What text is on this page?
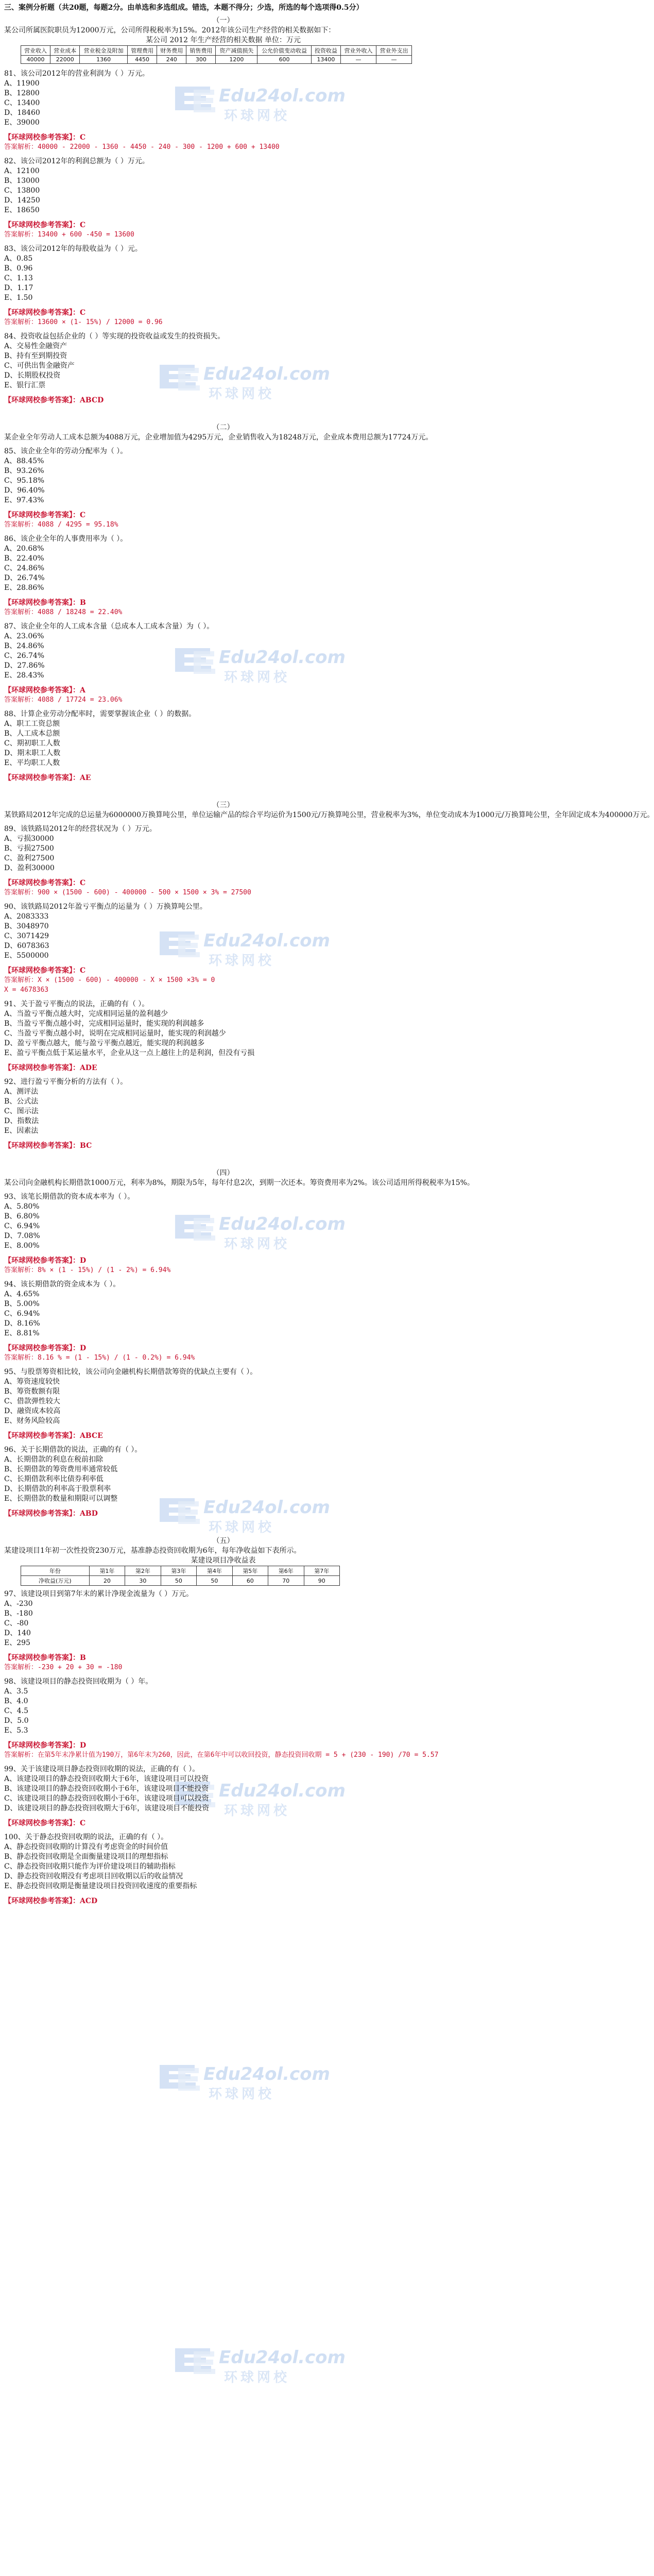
Edu24ol.com
环球网校
Edu24ol.com
环球网校
Edu24ol.com
环球网校
Edu24ol.com
环球网校
Edu24ol.com
环球网校
Edu24ol.com
环球网校
Edu24ol.com
环球网校
Edu24ol.com
环球网校
Edu24ol.com
环球网校
三、案例分析题（共20题，每题2分。由单选和多选组成。错选，本题不得分；少选，所选的每个选项得0.5分）
（一）
某公司所属医院职员为12000万元，公司所得税税率为15%。2012年该公司生产经营的相关数据如下：
某公司 2012 年生产经营的相关数据 单位：万元
营业收入	营业成本	营业税金及附加	管理费用	财务费用	销售费用	资产减值损失	公允价值变动收益	投资收益	营业外收入	营业外支出
40000	22000	1360	4450	240	300	1200	600	13400	—	—
81、该公司2012年的营业利润为（ ）万元。
A、11900
B、12800
C、13400
D、18460
E、39000
【环球网校参考答案】：C
答案解析：40000 - 22000 - 1360 - 4450 - 240 - 300 - 1200 + 600 + 13400
82、该公司2012年的利润总额为（ ）万元。
A、12100
B、13000
C、13800
D、14250
E、18650
【环球网校参考答案】：C
答案解析：13400 + 600 -450 = 13600
83、该公司2012年的每股收益为（ ）元。
A、0.85
B、0.96
C、1.13
D、1.17
E、1.50
【环球网校参考答案】：C
答案解析：13600 × (1- 15%) / 12000 = 0.96
84、投资收益包括企业的（ ）等实现的投资收益或发生的投资损失。
A、交易性金融资产
B、持有至到期投资
C、可供出售金融资产
D、长期股权投资
E、银行汇票
【环球网校参考答案】：ABCD
（二）
某企业全年劳动人工成本总额为4088万元，企业增加值为4295万元，企业销售收入为18248万元，企业成本费用总额为17724万元。
85、该企业全年的劳动分配率为（ ）。
A、88.45%
B、93.26%
C、95.18%
D、96.40%
E、97.43%
【环球网校参考答案】：C
答案解析：4088 / 4295 = 95.18%
86、该企业全年的人事费用率为（ ）。
A、20.68%
B、22.40%
C、24.86%
D、26.74%
E、28.86%
【环球网校参考答案】：B
答案解析：4088 / 18248 = 22.40%
87、该企业全年的人工成本含量（总成本人工成本含量）为（ ）。
A、23.06%
B、24.86%
C、26.74%
D、27.86%
E、28.43%
【环球网校参考答案】：A
答案解析：4088 / 17724 = 23.06%
88、计算企业劳动分配率时，需要掌握该企业（ ）的数据。
A、职工工资总额
B、人工成本总额
C、期初职工人数
D、期末职工人数
E、平均职工人数
【环球网校参考答案】：AE
（三）
某铁路局2012年完成的总运量为6000000万换算吨公里，单位运输产品的综合平均运价为1500元/万换算吨公里，营业税率为3%，单位变动成本为1000元/万换算吨公里，全年固定成本为400000万元。
89、该铁路局2012年的经营状况为（ ）万元。
A、亏损30000
B、亏损27500
C、盈利27500
D、盈利30000
【环球网校参考答案】：C
答案解析：900 × (1500 - 600) - 400000 - 500 × 1500 × 3% = 27500
90、该铁路局2012年盈亏平衡点的运量为（ ）万换算吨公里。
A、2083333
B、3048970
C、3071429
D、6078363
E、5500000
【环球网校参考答案】：C
答案解析：X × (1500 - 600) - 400000 - X × 1500 ×3% = 0
X = 4678363
91、关于盈亏平衡点的说法，正确的有（ ）。
A、当盈亏平衡点越大时，完成相同运量的盈利越少
B、当盈亏平衡点越小时，完成相同运量时，能实现的利润越多
C、当盈亏平衡点越小时，说明在完成相同运量时，能实现的利润越少
D、盈亏平衡点越大，能与盈亏平衡点越近，能实现的利润越多
E、盈亏平衡点低于某运量水平，企业从这一点上越往上的是利润，但没有亏损
【环球网校参考答案】：ADE
92、进行盈亏平衡分析的方法有（ ）。
A、测评法
B、公式法
C、图示法
D、指数法
E、因素法
【环球网校参考答案】：BC
（四）
某公司向金融机构长期借款1000万元，利率为8%，期限为5年，每年付息2次，到期一次还本。筹资费用率为2%。该公司适用所得税税率为15%。
93、该笔长期借款的资本成本率为（ ）。
A、5.80%
B、6.80%
C、6.94%
D、7.08%
E、8.00%
【环球网校参考答案】：D
答案解析：8% × (1 - 15%) / (1 - 2%) = 6.94%
94、该长期借款的资金成本为（ ）。
A、4.65%
B、5.00%
C、6.94%
D、8.16%
E、8.81%
【环球网校参考答案】：D
答案解析：8.16 % = (1 - 15%) / (1 - 0.2%) = 6.94%
95、与股票筹资相比较，该公司向金融机构长期借款筹资的优缺点主要有（ ）。
A、筹资速度较快
B、筹资数额有限
C、借款弹性较大
D、融资成本较高
E、财务风险较高
【环球网校参考答案】：ABCE
96、关于长期借款的说法，正确的有（ ）。
A、长期借款的利息在税前扣除
B、长期借款的筹资费用率通常较低
C、长期借款利率比债券利率低
D、长期借款的利率高于股票利率
E、长期借款的数量和期限可以调整
【环球网校参考答案】：ABD
（五）
某建设项目1年初一次性投资230万元，基准静态投资回收期为6年，每年净收益如下表所示。
某建设项目净收益表
年份	第1年	第2年	第3年	第4年	第5年	第6年	第7年
净收益(万元)	20	30	50	50	60	70	90
97、该建设项目到第7年末的累计净现金流量为（ ）万元。
A、-230
B、-180
C、-80
D、140
E、295
【环球网校参考答案】：B
答案解析：-230 + 20 + 30 = -180
98、该建设项目的静态投资回收期为（ ）年。
A、3.5
B、4.0
C、4.5
D、5.0
E、5.3
【环球网校参考答案】：D
答案解析：在第5年末净累计值为190万，第6年末为260，因此，在第6年中可以收回投资，静态投资回收期 = 5 + (230 - 190) /70 = 5.57
99、关于该建设项目静态投资回收期的说法，正确的有（ ）。
A、该建设项目的静态投资回收期大于6年，该建设项目可以投资
B、该建设项目的静态投资回收期小于6年，该建设项目不能投资
C、该建设项目的静态投资回收期小于6年，该建设项目可以投资
D、该建设项目的静态投资回收期大于6年，该建设项目不能投资
【环球网校参考答案】：C
100、关于静态投资回收期的说法，正确的有（ ）。
A、静态投资回收期的计算没有考虑资金的时间价值
B、静态投资回收期是全面衡量建设项目的理想指标
C、静态投资回收期只能作为评价建设项目的辅助指标
D、静态投资回收期没有考虑项目回收期以后的收益情况
E、静态投资回收期是衡量建设项目投资回收速度的重要指标
【环球网校参考答案】：ACD
